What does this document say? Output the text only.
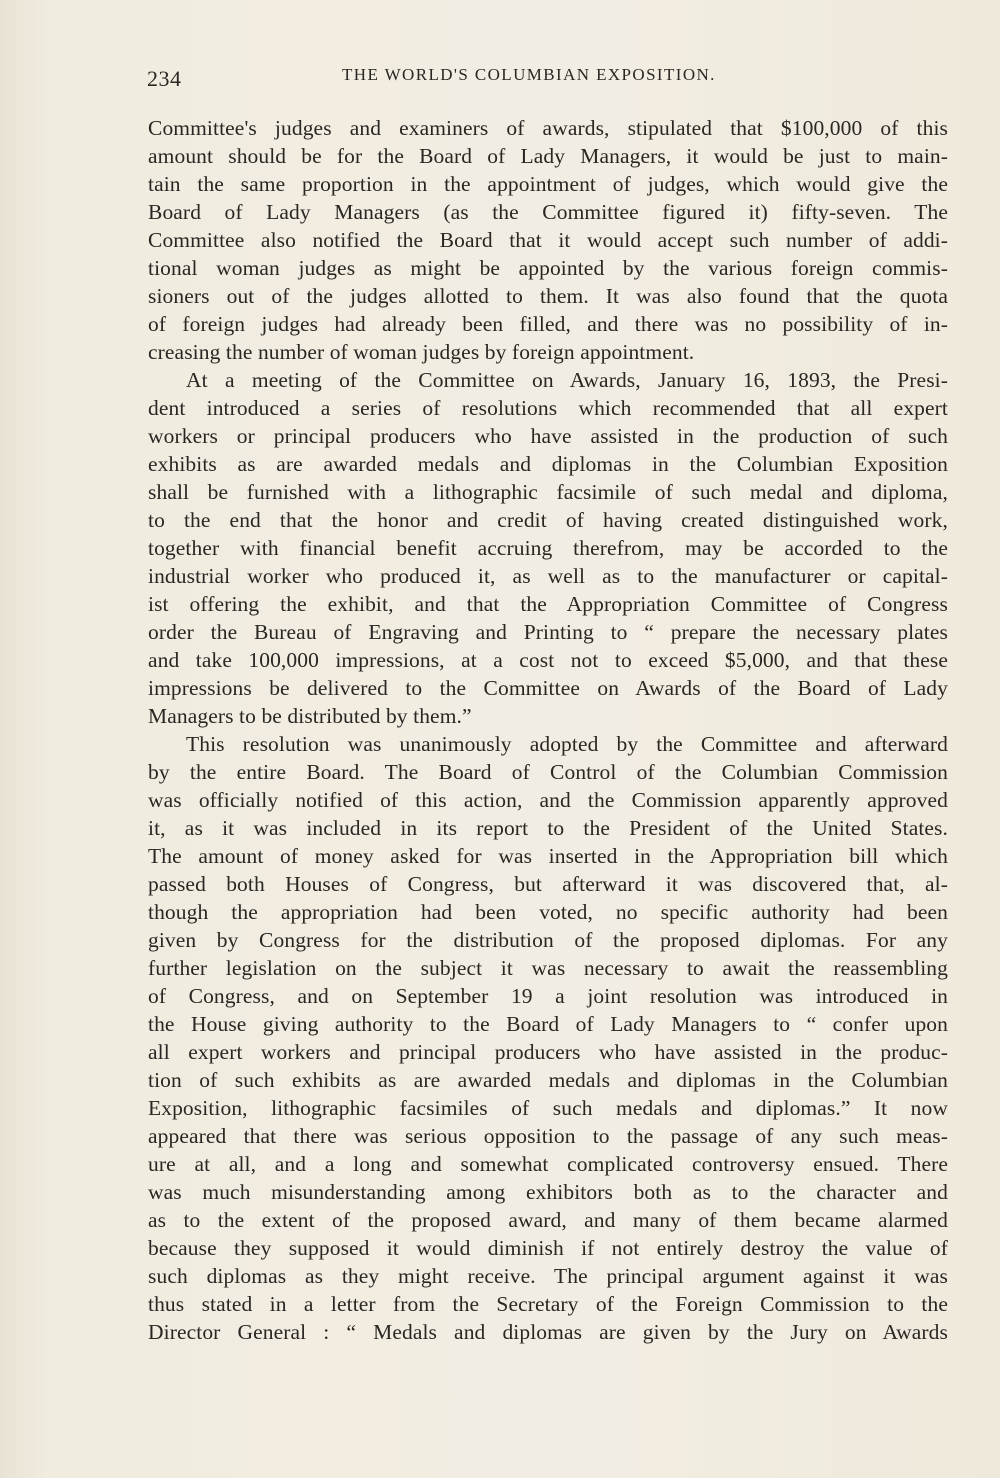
234	THE WORLD'S COLUMBIAN EXPOSITION.
Committee's judges and examiners of awards, stipulated that $100,000 of this
amount should be for the Board of Lady Managers, it would be just to main-
tain the same proportion in the appointment of judges, which would give the
Board of Lady Managers (as the Committee figured it) fifty-seven. The
Committee also notified the Board that it would accept such number of addi-
tional woman judges as might be appointed by the various foreign commis-
sioners out of the judges allotted to them. It was also found that the quota
of foreign judges had already been filled, and there was no possibility of in-
creasing the number of woman judges by foreign appointment.
At a meeting of the Committee on Awards, January 16, 1893, the Presi-
dent introduced a series of resolutions which recommended that all expert
workers or principal producers who have assisted in the production of such
exhibits as are awarded medals and diplomas in the Columbian Exposition
shall be furnished with a lithographic facsimile of such medal and diploma,
to the end that the honor and credit of having created distinguished work,
together with financial benefit accruing therefrom, may be accorded to the
industrial worker who produced it, as well as to the manufacturer or capital-
ist offering the exhibit, and that the Appropriation Committee of Congress
order the Bureau of Engraving and Printing to “ prepare the necessary plates
and take 100,000 impressions, at a cost not to exceed $5,000, and that these
impressions be delivered to the Committee on Awards of the Board of Lady
Managers to be distributed by them.”
This resolution was unanimously adopted by the Committee and afterward
by the entire Board. The Board of Control of the Columbian Commission
was officially notified of this action, and the Commission apparently approved
it, as it was included in its report to the President of the United States.
The amount of money asked for was inserted in the Appropriation bill which
passed both Houses of Congress, but afterward it was discovered that, al-
though the appropriation had been voted, no specific authority had been
given by Congress for the distribution of the proposed diplomas. For any
further legislation on the subject it was necessary to await the reassembling
of Congress, and on September 19 a joint resolution was introduced in
the House giving authority to the Board of Lady Managers to “ confer upon
all expert workers and principal producers who have assisted in the produc-
tion of such exhibits as are awarded medals and diplomas in the Columbian
Exposition, lithographic facsimiles of such medals and diplomas.” It now
appeared that there was serious opposition to the passage of any such meas-
ure at all, and a long and somewhat complicated controversy ensued. There
was much misunderstanding among exhibitors both as to the character and
as to the extent of the proposed award, and many of them became alarmed
because they supposed it would diminish if not entirely destroy the value of
such diplomas as they might receive. The principal argument against it was
thus stated in a letter from the Secretary of the Foreign Commission to the
Director General : “ Medals and diplomas are given by the Jury on Awards
